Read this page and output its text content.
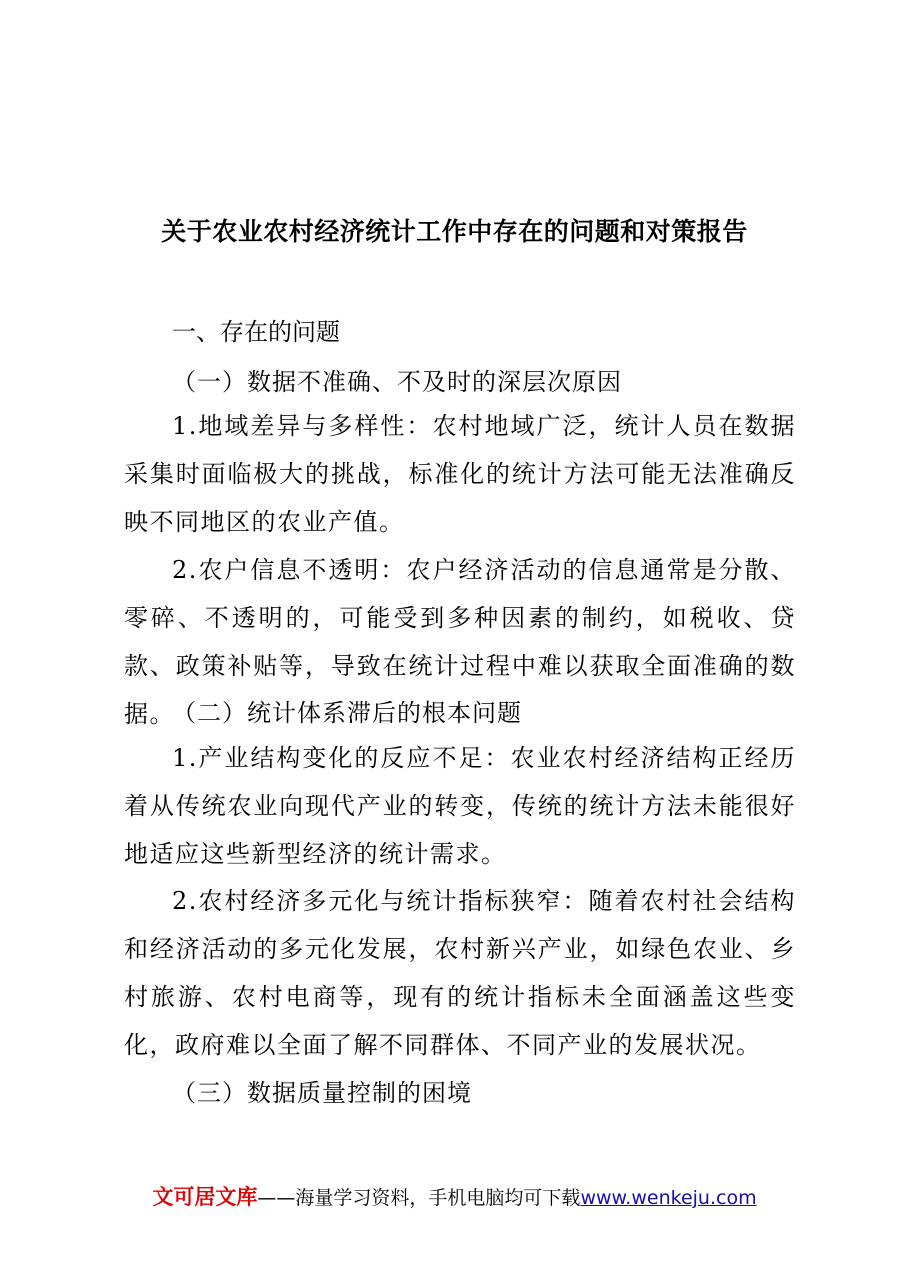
关于农业农村经济统计工作中存在的问题和对策报告
一、存在的问题
（一）数据不准确、不及时的深层次原因
1.地域差异与多样性：农村地域广泛，统计人员在数据采集时面临极大的挑战，标准化的统计方法可能无法准确反映不同地区的农业产值。
2.农户信息不透明：农户经济活动的信息通常是分散、零碎、不透明的，可能受到多种因素的制约，如税收、贷款、政策补贴等，导致在统计过程中难以获取全面准确的数据。
（二）统计体系滞后的根本问题
1.产业结构变化的反应不足：农业农村经济结构正经历着从传统农业向现代产业的转变，传统的统计方法未能很好地适应这些新型经济的统计需求。
2.农村经济多元化与统计指标狭窄：随着农村社会结构和经济活动的多元化发展，农村新兴产业，如绿色农业、乡村旅游、农村电商等，现有的统计指标未全面涵盖这些变化，政府难以全面了解不同群体、不同产业的发展状况。
（三）数据质量控制的困境
文可居文库——海量学习资料，手机电脑均可下载www.wenkeju.com
